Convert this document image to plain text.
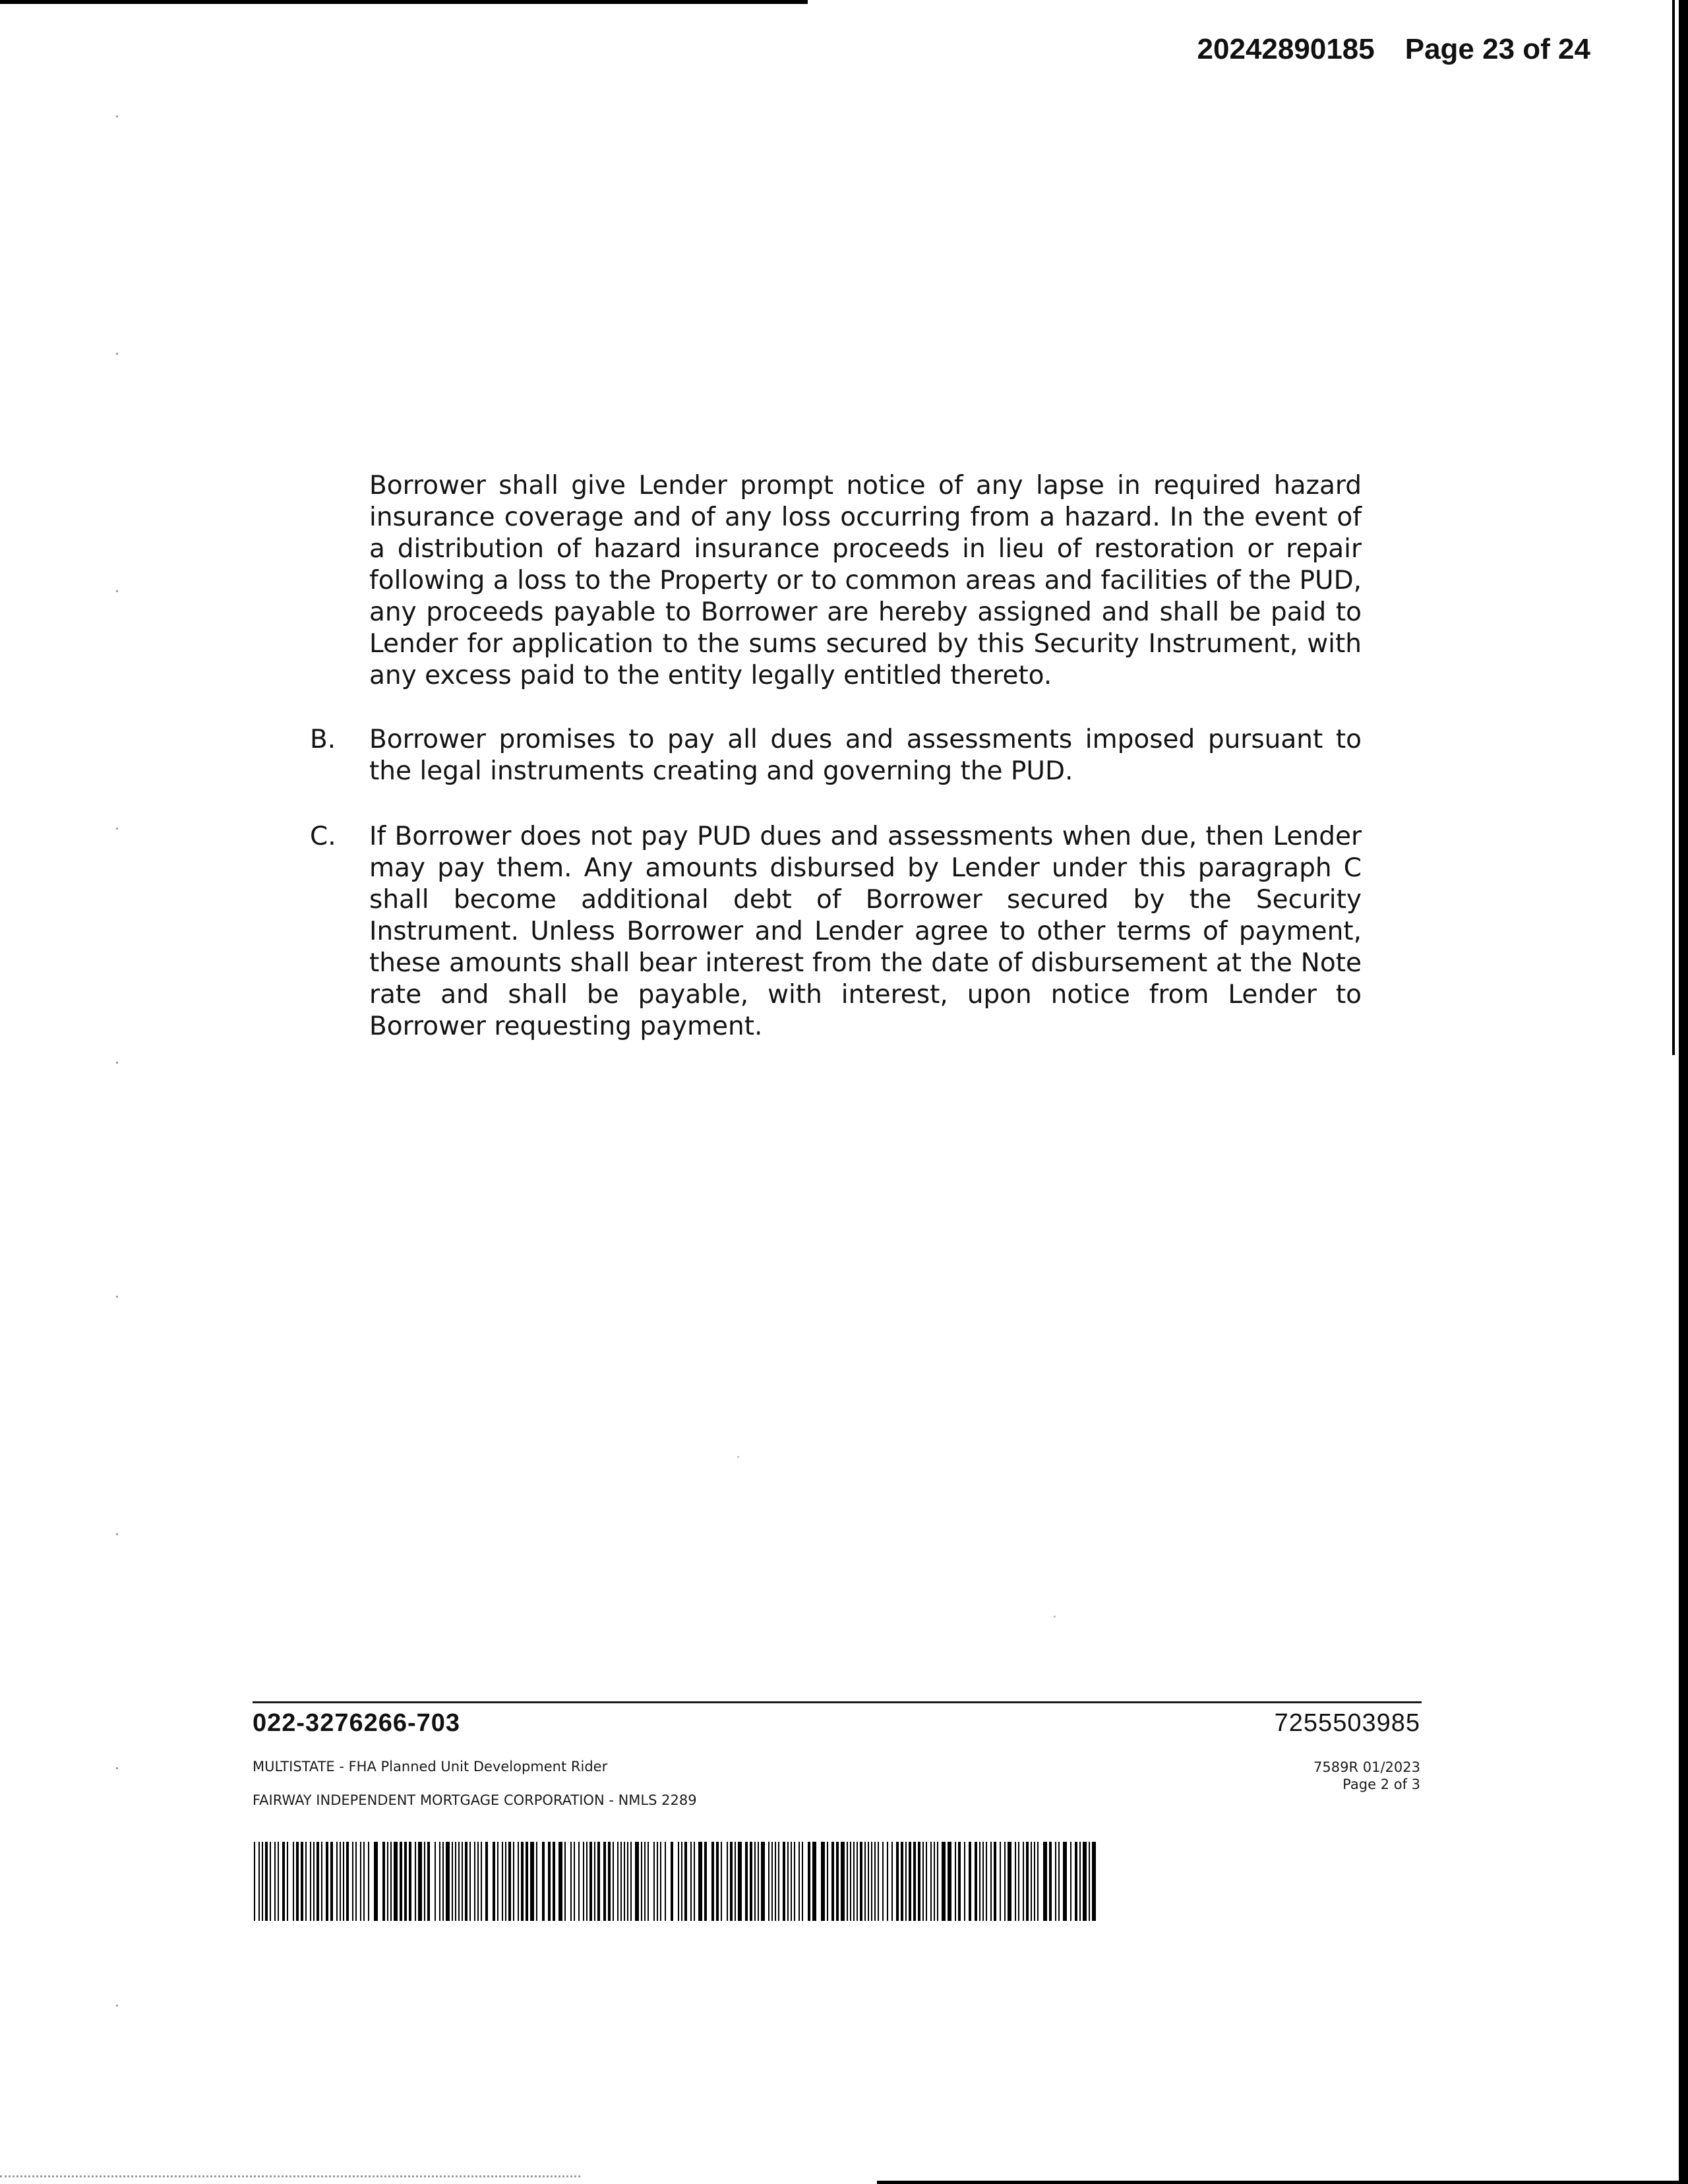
20242890185 Page 23 of 24
Borrower shall give Lender prompt notice of any lapse in required hazard insurance coverage and of any loss occurring from a hazard. In the event of a distribution of hazard insurance proceeds in lieu of restoration or repair following a loss to the Property or to common areas and facilities of the PUD, any proceeds payable to Borrower are hereby assigned and shall be paid to Lender for application to the sums secured by this Security Instrument, with any excess paid to the entity legally entitled thereto.
B. Borrower promises to pay all dues and assessments imposed pursuant to the legal instruments creating and governing the PUD.
C. If Borrower does not pay PUD dues and assessments when due, then Lender may pay them. Any amounts disbursed by Lender under this paragraph C shall become additional debt of Borrower secured by the Security Instrument. Unless Borrower and Lender agree to other terms of payment, these amounts shall bear interest from the date of disbursement at the Note rate and shall be payable, with interest, upon notice from Lender to Borrower requesting payment.
022-3276266-703	7255503985
MULTISTATE - FHA Planned Unit Development Rider
FAIRWAY INDEPENDENT MORTGAGE CORPORATION - NMLS 2289
7589R 01/2023
Page 2 of 3
